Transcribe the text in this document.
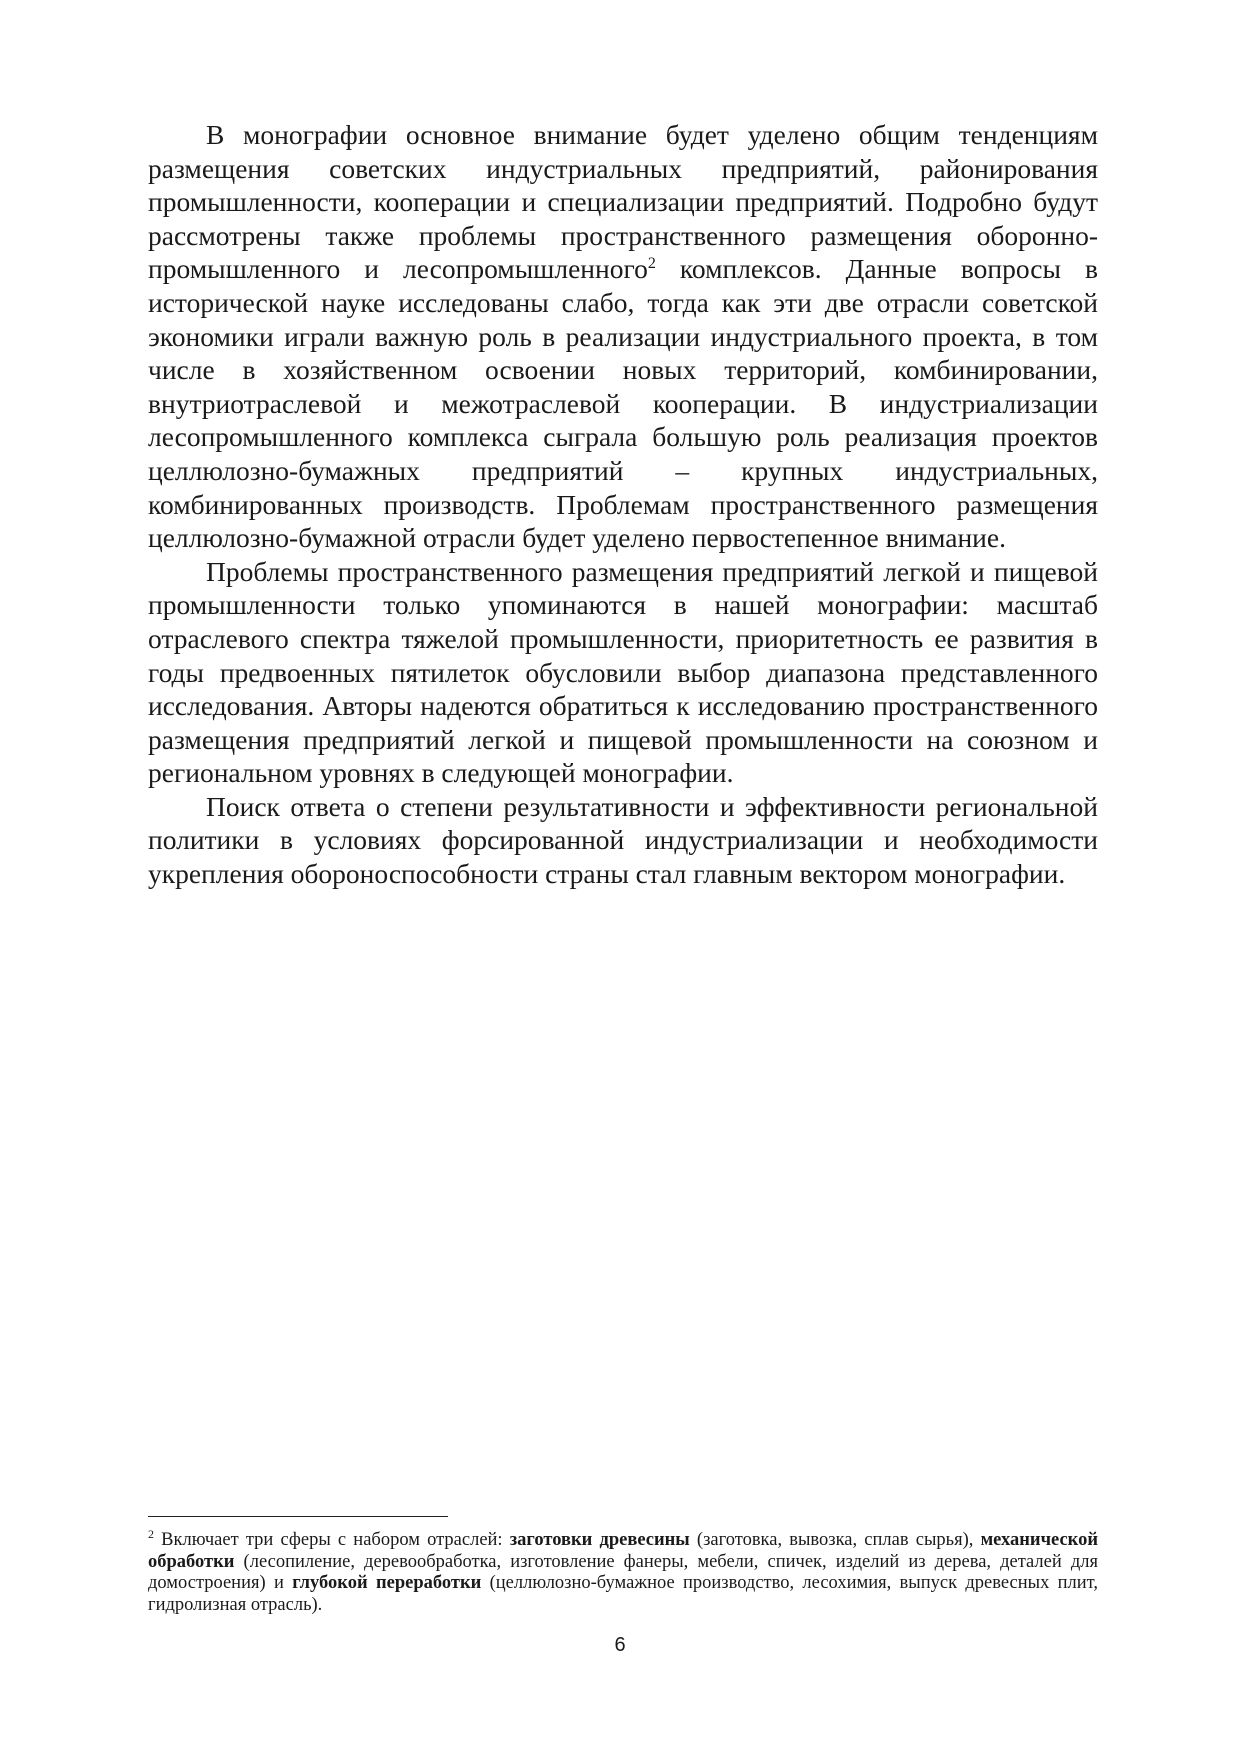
В монографии основное внимание будет уделено общим тенденциям размещения советских индустриальных предприятий, районирования промышленности, кооперации и специализации предприятий. Подробно будут рассмотрены также проблемы пространственного размещения оборонно-промышленного и лесопромышленного$^2$ комплексов. Данные вопросы в исторической науке исследованы слабо, тогда как эти две отрасли советской экономики играли важную роль в реализации индустриального проекта, в том числе в хозяйственном освоении новых территорий, комбинировании, внутриотраслевой и межотраслевой кооперации. В индустриализации лесопромышленного комплекса сыграла большую роль реализация проектов целлюлозно-бумажных предприятий – крупных индустриальных, комбинированных производств. Проблемам пространственного размещения целлюлозно-бумажной отрасли будет уделено первостепенное внимание.

Проблемы пространственного размещения предприятий легкой и пищевой промышленности только упоминаются в нашей монографии: масштаб отраслевого спектра тяжелой промышленности, приоритетность ее развития в годы предвоенных пятилеток обусловили выбор диапазона представленного исследования. Авторы надеются обратиться к исследованию пространственного размещения предприятий легкой и пищевой промышленности на союзном и региональном уровнях в следующей монографии.

Поиск ответа о степени результативности и эффективности региональной политики в условиях форсированной индустриализации и необходимости укрепления обороноспособности страны стал главным вектором монографии.

$^2$ Включает три сферы с набором отраслей: заготовки древесины (заготовка, вывозка, сплав сырья), механической обработки (лесопиление, деревообработка, изготовление фанеры, мебели, спичек, изделий из дерева, деталей для домостроения) и глубокой переработки (целлюлозно-бумажное производство, лесохимия, выпуск древесных плит, гидролизная отрасль).
6
